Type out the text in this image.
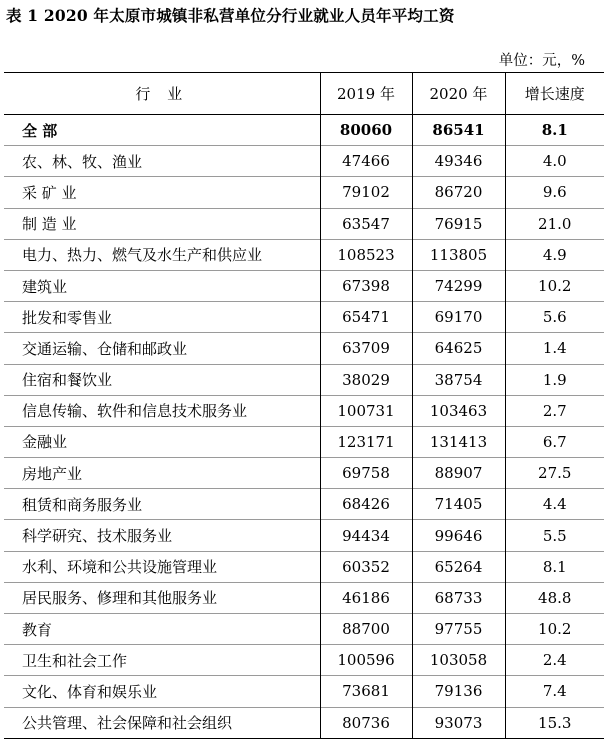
表 1 2020 年太原市城镇非私营单位分行业就业人员年平均工资
单位：元，%
行 业	2019 年	2020 年	增长速度
全 部	80060	86541	8.1
农、林、牧、渔业	47466	49346	4.0
采 矿 业	79102	86720	9.6
制 造 业	63547	76915	21.0
电力、热力、燃气及水生产和供应业	108523	113805	4.9
建筑业	67398	74299	10.2
批发和零售业	65471	69170	5.6
交通运输、仓储和邮政业	63709	64625	1.4
住宿和餐饮业	38029	38754	1.9
信息传输、软件和信息技术服务业	100731	103463	2.7
金融业	123171	131413	6.7
房地产业	69758	88907	27.5
租赁和商务服务业	68426	71405	4.4
科学研究、技术服务业	94434	99646	5.5
水利、环境和公共设施管理业	60352	65264	8.1
居民服务、修理和其他服务业	46186	68733	48.8
教育	88700	97755	10.2
卫生和社会工作	100596	103058	2.4
文化、体育和娱乐业	73681	79136	7.4
公共管理、社会保障和社会组织	80736	93073	15.3
